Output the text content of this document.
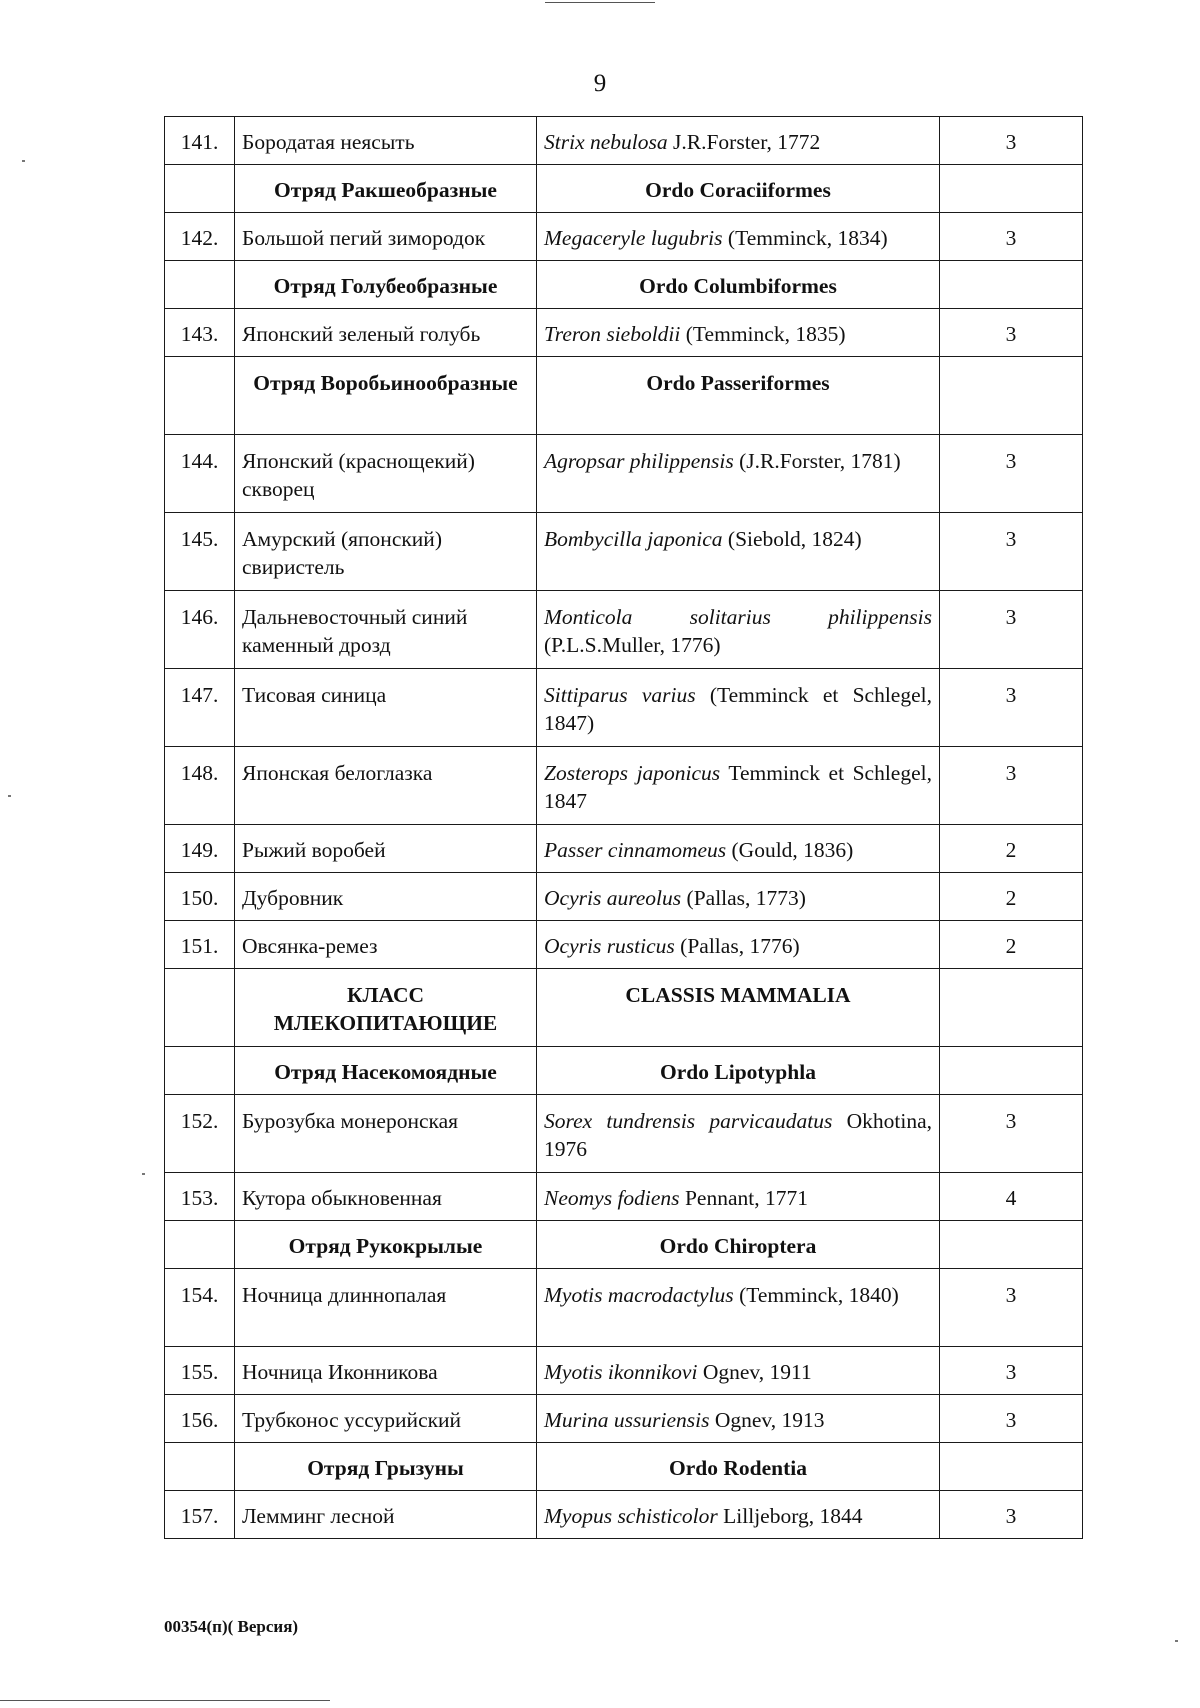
9
141.	Бородатая неясыть	Strix nebulosa J.R.Forster, 1772	3
	Отряд Ракшеобразные	Ordo Coraciiformes	
142.	Большой пегий зимородок	Megaceryle lugubris (Temminck, 1834)	3
	Отряд Голубеобразные	Ordo Columbiformes	
143.	Японский зеленый голубь	Treron sieboldii (Temminck, 1835)	3
	Отряд Воробьинообразные	Ordo Passeriformes	
144.	Японский (краснощекий) скворец	Agropsar philippensis (J.R.Forster, 1781)	3
145.	Амурский (японский) свиристель	Bombycilla japonica (Siebold, 1824)	3
146.	Дальневосточный синий каменный дрозд	Monticola solitarius philippensis (P.L.S.Muller, 1776)	3
147.	Тисовая синица	Sittiparus varius (Temminck et Schlegel, 1847)	3
148.	Японская белоглазка	Zosterops japonicus Temminck et Schlegel, 1847	3
149.	Рыжий воробей	Passer cinnamomeus (Gould, 1836)	2
150.	Дубровник	Ocyris aureolus (Pallas, 1773)	2
151.	Овсянка-ремез	Ocyris rusticus (Pallas, 1776)	2
	КЛАСС МЛЕКОПИТАЮЩИЕ	CLASSIS MAMMALIA	
	Отряд Насекомоядные	Ordo Lipotyphla	
152.	Бурозубка монеронская	Sorex tundrensis parvicaudatus Okhotina, 1976	3
153.	Кутора обыкновенная	Neomys fodiens Pennant, 1771	4
	Отряд Рукокрылые	Ordo Chiroptera	
154.	Ночница длиннопалая	Myotis macrodactylus (Temminck, 1840)	3
155.	Ночница Иконникова	Myotis ikonnikovi Ognev, 1911	3
156.	Трубконос уссурийский	Murina ussuriensis Ognev, 1913	3
	Отряд Грызуны	Ordo Rodentia	
157.	Лемминг лесной	Myopus schisticolor Lilljeborg, 1844	3
00354(п)( Версия)
